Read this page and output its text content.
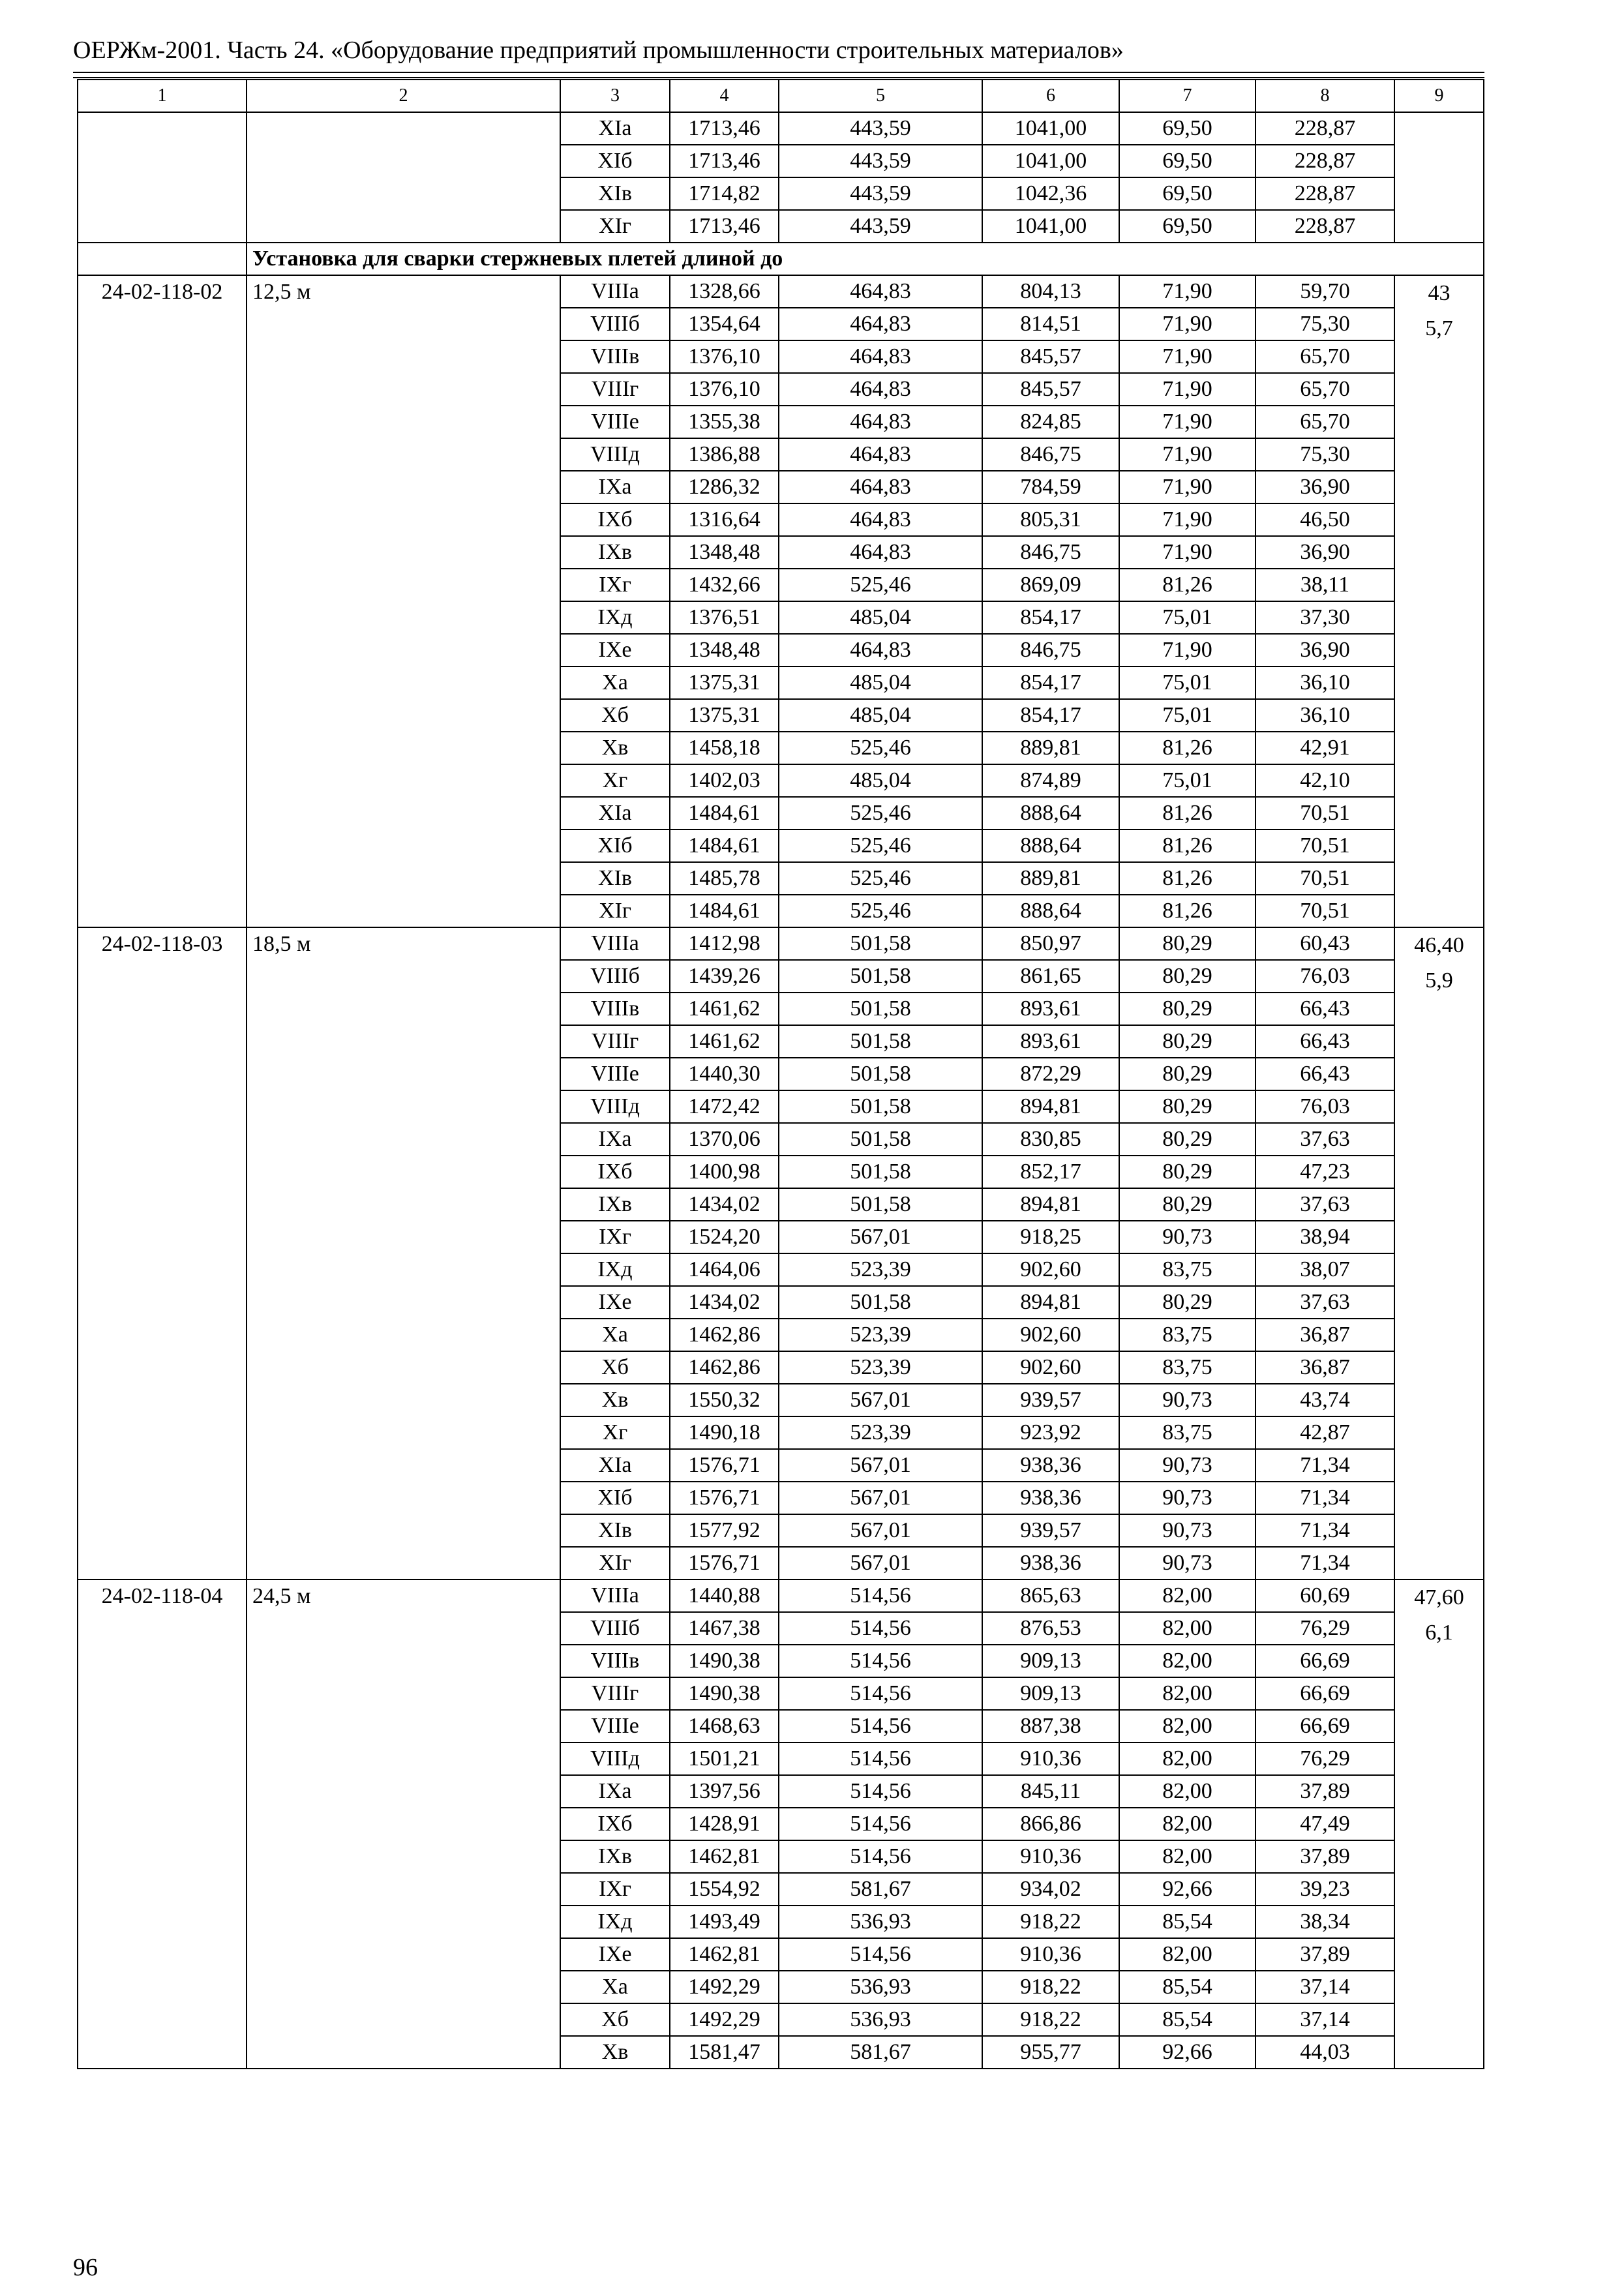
ОЕРЖм-2001. Часть 24. «Оборудование предприятий промышленности строительных материалов»
1	2	3	4	5	6	7	8	9
		XIа	1713,46	443,59	1041,00	69,50	228,87	
		XIб	1713,46	443,59	1041,00	69,50	228,87	
		XIв	1714,82	443,59	1042,36	69,50	228,87	
		XIг	1713,46	443,59	1041,00	69,50	228,87	
	Установка для сварки стержневых плетей длиной до							
24-02-118-02	12,5 м	VIIIа	1328,66	464,83	804,13	71,90	59,70	43
5,7

		VIIIб	1354,64	464,83	814,51	71,90	75,30	
		VIIIв	1376,10	464,83	845,57	71,90	65,70	
		VIIIг	1376,10	464,83	845,57	71,90	65,70	
		VIIIе	1355,38	464,83	824,85	71,90	65,70	
		VIIIд	1386,88	464,83	846,75	71,90	75,30	
		IXа	1286,32	464,83	784,59	71,90	36,90	
		IXб	1316,64	464,83	805,31	71,90	46,50	
		IXв	1348,48	464,83	846,75	71,90	36,90	
		IXг	1432,66	525,46	869,09	81,26	38,11	
		IXд	1376,51	485,04	854,17	75,01	37,30	
		IXе	1348,48	464,83	846,75	71,90	36,90	
		Xа	1375,31	485,04	854,17	75,01	36,10	
		Xб	1375,31	485,04	854,17	75,01	36,10	
		Xв	1458,18	525,46	889,81	81,26	42,91	
		Xг	1402,03	485,04	874,89	75,01	42,10	
		XIа	1484,61	525,46	888,64	81,26	70,51	
		XIб	1484,61	525,46	888,64	81,26	70,51	
		XIв	1485,78	525,46	889,81	81,26	70,51	
		XIг	1484,61	525,46	888,64	81,26	70,51	
24-02-118-03	18,5 м	VIIIа	1412,98	501,58	850,97	80,29	60,43	46,40
5,9

		VIIIб	1439,26	501,58	861,65	80,29	76,03	
		VIIIв	1461,62	501,58	893,61	80,29	66,43	
		VIIIг	1461,62	501,58	893,61	80,29	66,43	
		VIIIе	1440,30	501,58	872,29	80,29	66,43	
		VIIIд	1472,42	501,58	894,81	80,29	76,03	
		IXа	1370,06	501,58	830,85	80,29	37,63	
		IXб	1400,98	501,58	852,17	80,29	47,23	
		IXв	1434,02	501,58	894,81	80,29	37,63	
		IXг	1524,20	567,01	918,25	90,73	38,94	
		IXд	1464,06	523,39	902,60	83,75	38,07	
		IXе	1434,02	501,58	894,81	80,29	37,63	
		Xа	1462,86	523,39	902,60	83,75	36,87	
		Xб	1462,86	523,39	902,60	83,75	36,87	
		Xв	1550,32	567,01	939,57	90,73	43,74	
		Xг	1490,18	523,39	923,92	83,75	42,87	
		XIа	1576,71	567,01	938,36	90,73	71,34	
		XIб	1576,71	567,01	938,36	90,73	71,34	
		XIв	1577,92	567,01	939,57	90,73	71,34	
		XIг	1576,71	567,01	938,36	90,73	71,34	
24-02-118-04	24,5 м	VIIIа	1440,88	514,56	865,63	82,00	60,69	47,60
6,1

		VIIIб	1467,38	514,56	876,53	82,00	76,29	
		VIIIв	1490,38	514,56	909,13	82,00	66,69	
		VIIIг	1490,38	514,56	909,13	82,00	66,69	
		VIIIе	1468,63	514,56	887,38	82,00	66,69	
		VIIIд	1501,21	514,56	910,36	82,00	76,29	
		IXа	1397,56	514,56	845,11	82,00	37,89	
		IXб	1428,91	514,56	866,86	82,00	47,49	
		IXв	1462,81	514,56	910,36	82,00	37,89	
		IXг	1554,92	581,67	934,02	92,66	39,23	
		IXд	1493,49	536,93	918,22	85,54	38,34	
		IXе	1462,81	514,56	910,36	82,00	37,89	
		Xа	1492,29	536,93	918,22	85,54	37,14	
		Xб	1492,29	536,93	918,22	85,54	37,14	
		Xв	1581,47	581,67	955,77	92,66	44,03	
96
